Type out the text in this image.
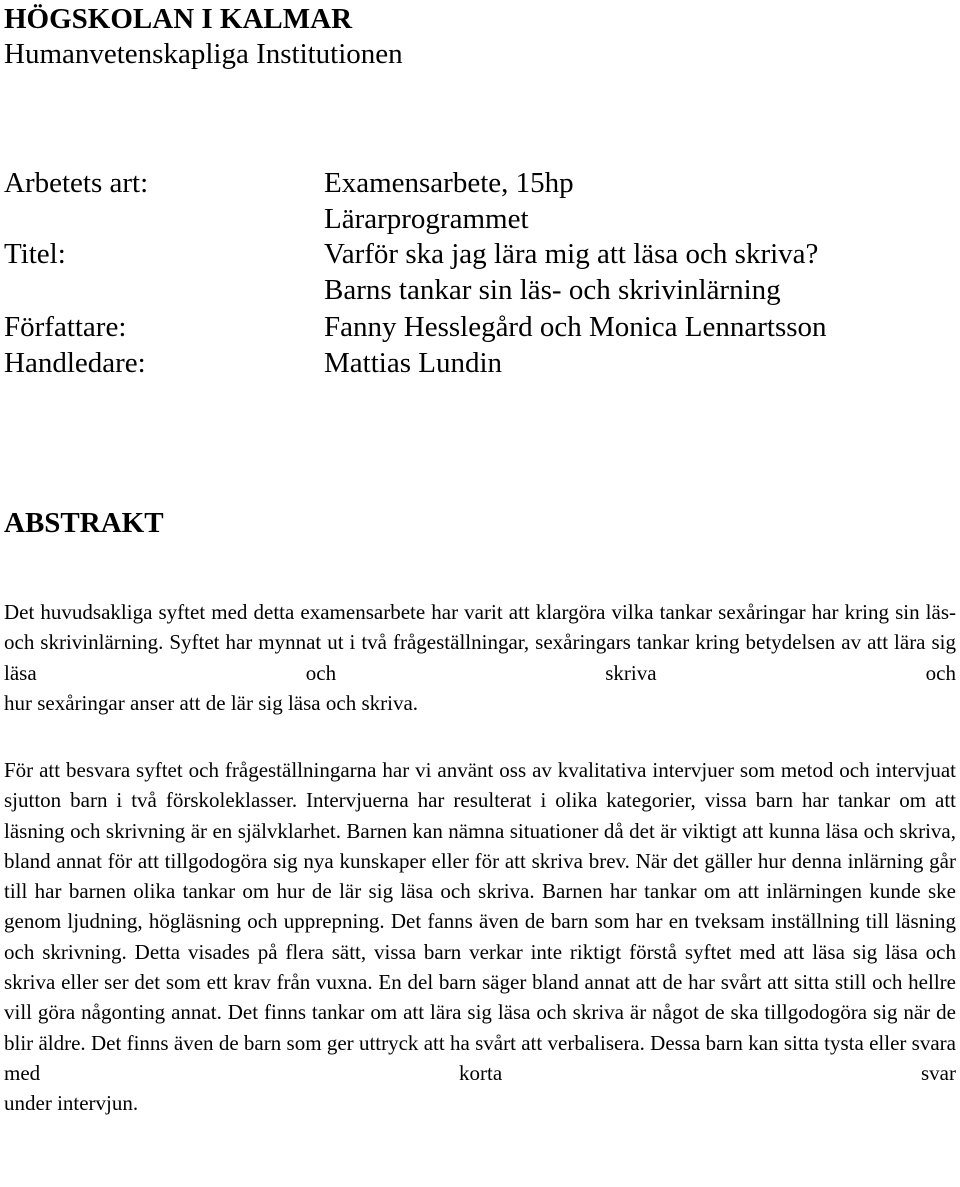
HÖGSKOLAN I KALMAR
Humanvetenskapliga Institutionen
Arbetets art:	Examensarbete, 15hp
Lärarprogrammet
Titel:	Varför ska jag lära mig att läsa och skriva?
Barns tankar sin läs- och skrivinlärning
Författare:	Fanny Hesslegård och Monica Lennartsson
Handledare:	Mattias Lundin
ABSTRAKT

Det huvudsakliga syftet med detta examensarbete har varit att klargöra vilka tankar sexåringar har kring sin läs- och skrivinlärning. Syftet har mynnat ut i två frågeställningar, sexåringars tankar kring betydelsen av att lära sig läsa och skriva och
hur sexåringar anser att de lär sig läsa och skriva.

För att besvara syftet och frågeställningarna har vi använt oss av kvalitativa intervjuer som metod och intervjuat sjutton barn i två förskoleklasser. Intervjuerna har resulterat i olika kategorier, vissa barn har tankar om att läsning och skrivning är en självklarhet. Barnen kan nämna situationer då det är viktigt att kunna läsa och skriva, bland annat för att tillgodogöra sig nya kunskaper eller för att skriva brev. När det gäller hur denna inlärning går till har barnen olika tankar om hur de lär sig läsa och skriva. Barnen har tankar om att inlärningen kunde ske genom ljudning, högläsning och upprepning. Det fanns även de barn som har en tveksam inställning till läsning och skrivning. Detta visades på flera sätt, vissa barn verkar inte riktigt förstå syftet med att läsa sig läsa och skriva eller ser det som ett krav från vuxna. En del barn säger bland annat att de har svårt att sitta still och hellre vill göra någonting annat. Det finns tankar om att lära sig läsa och skriva är något de ska tillgodogöra sig när de blir äldre. Det finns även de barn som ger uttryck att ha svårt att verbalisera. Dessa barn kan sitta tysta eller svara med korta svar
under intervjun.
